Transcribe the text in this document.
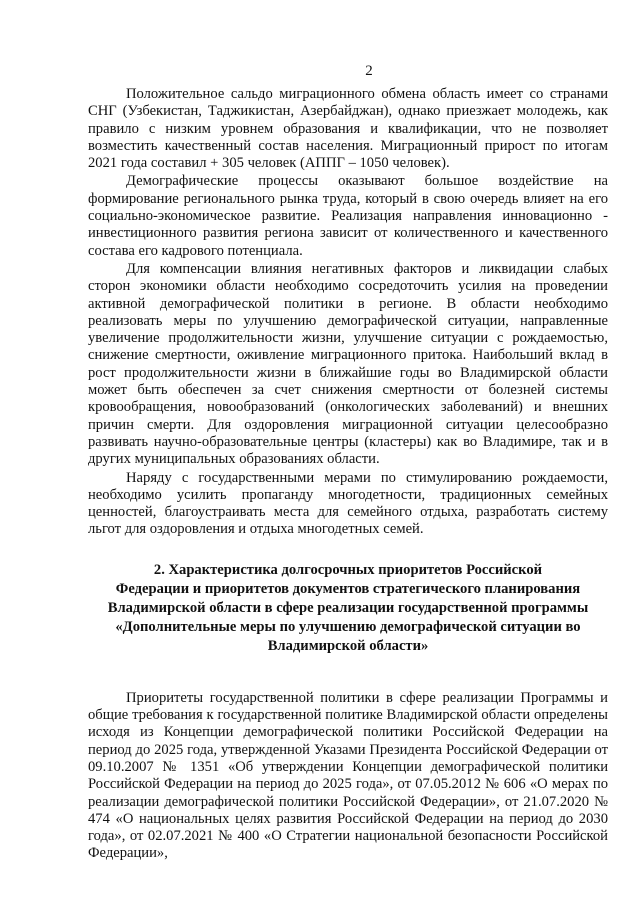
2

Положительное сальдо миграционного обмена область имеет со странами СНГ (Узбекистан, Таджикистан, Азербайджан), однако приезжает молодежь, как правило с низким уровнем образования и квалификации, что не позволяет возместить качественный состав населения. Миграционный прирост по итогам 2021 года составил + 305 человек (АППГ – 1050 человек).

Демографические процессы оказывают большое воздействие на формирование регионального рынка труда, который в свою очередь влияет на его социально-экономическое развитие. Реализация направления инновационно - инвестиционного развития региона зависит от количественного и качественного состава его кадрового потенциала.

Для компенсации влияния негативных факторов и ликвидации слабых сторон экономики области необходимо сосредоточить усилия на проведении активной демографической политики в регионе. В области необходимо реализовать меры по улучшению демографической ситуации, направленные увеличение продолжительности жизни, улучшение ситуации с рождаемостью, снижение смертности, оживление миграционного притока. Наибольший вклад в рост продолжительности жизни в ближайшие годы во Владимирской области может быть обеспечен за счет снижения смертности от болезней системы кровообращения, новообразований (онкологических заболеваний) и внешних причин смерти. Для оздоровления миграционной ситуации целесообразно развивать научно-образовательные центры (кластеры) как во Владимире, так и в других муниципальных образованиях области.

Наряду с государственными мерами по стимулированию рождаемости, необходимо усилить пропаганду многодетности, традиционных семейных ценностей, благоустраивать места для семейного отдыха, разработать систему льгот для оздоровления и отдыха многодетных семей.

2. Характеристика долгосрочных приоритетов Российской
Федерации и приоритетов документов стратегического планирования
Владимирской области в сфере реализации государственной программы
«Дополнительные меры по улучшению демографической ситуации во
Владимирской области»

Приоритеты государственной политики в сфере реализации Программы и общие требования к государственной политике Владимирской области определены исходя из Концепции демографической политики Российской Федерации на период до 2025 года, утвержденной Указами Президента Российской Федерации от 09.10.2007 № 1351 «Об утверждении Концепции демографической политики Российской Федерации на период до 2025 года», от 07.05.2012 № 606 «О мерах по реализации демографической политики Российской Федерации», от 21.07.2020 № 474 «О национальных целях развития Российской Федерации на период до 2030 года», от 02.07.2021 № 400 «О Стратегии национальной безопасности Российской Федерации»,
